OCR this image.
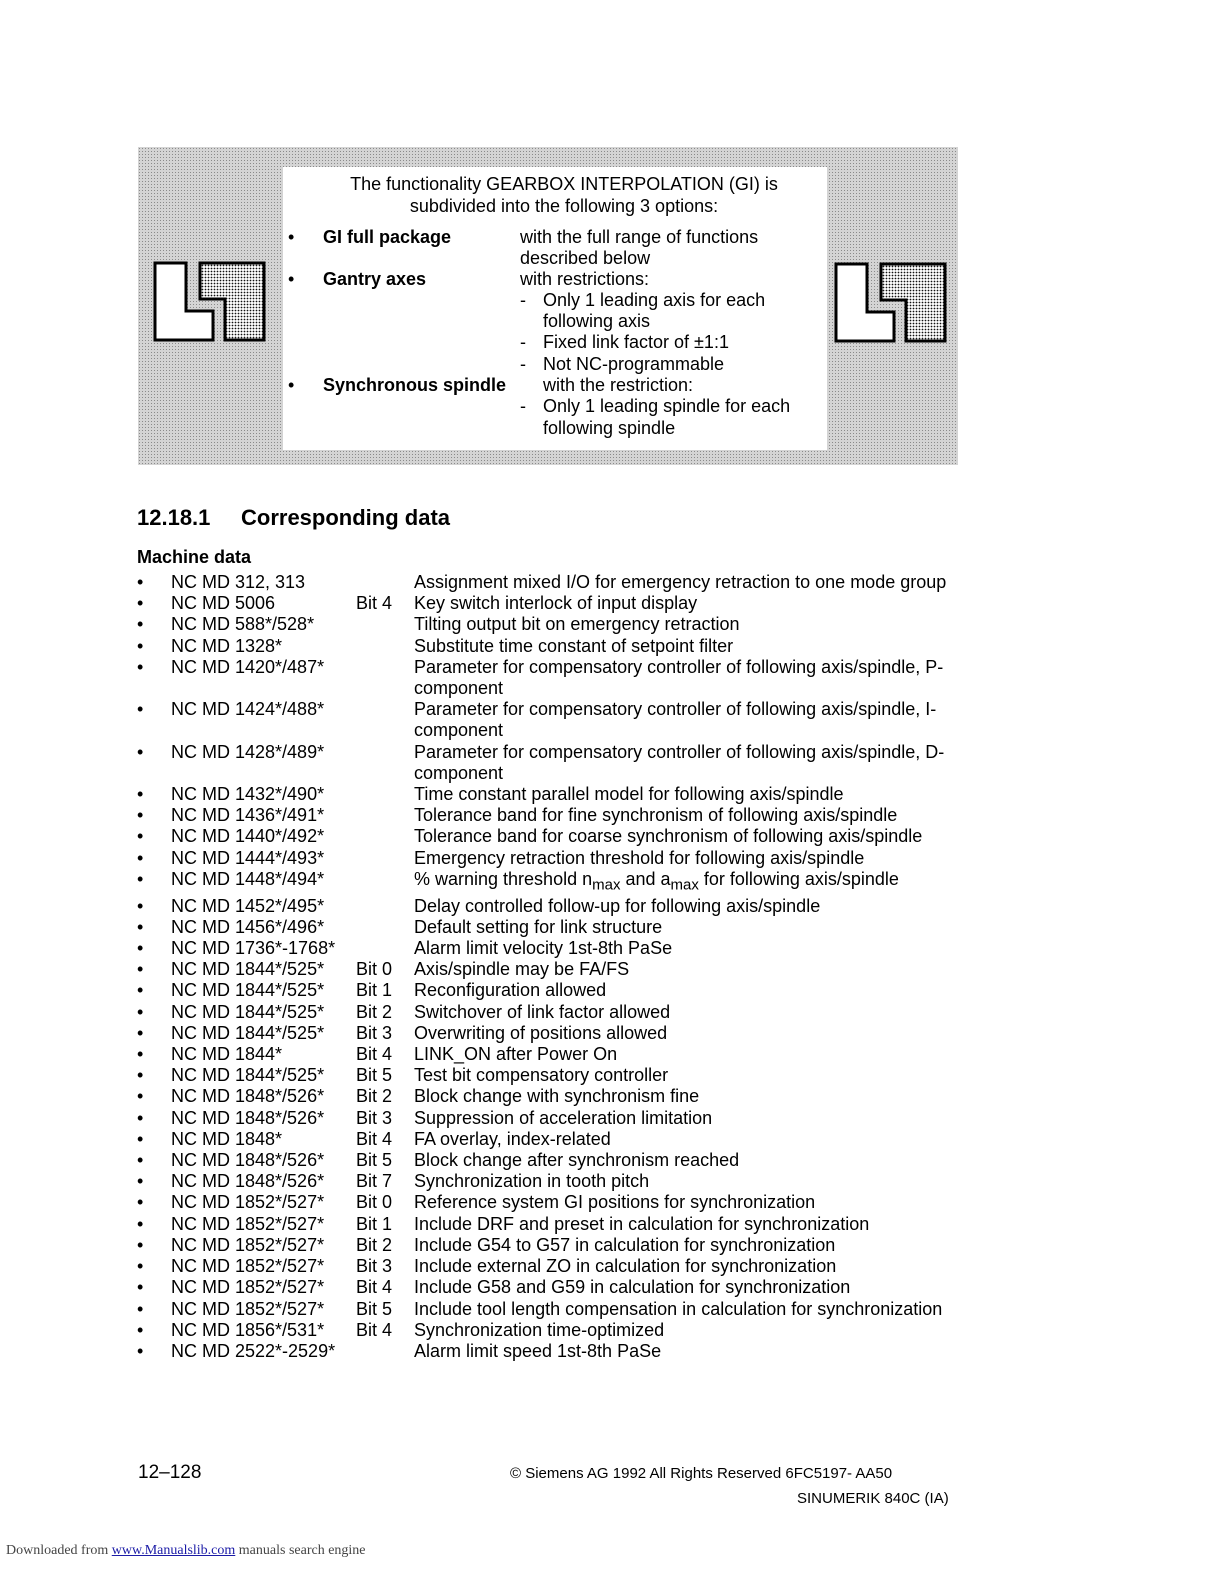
The functionality GEARBOX INTERPOLATION (GI) is
subdivided into the following 3 options:
• GI full package	with the full range of functions
described below
• Gantry axes	with restrictions:
- Only 1 leading axis for each
following axis
- Fixed link factor of ±1:1
- Not NC-programmable
• Synchronous spindle with the restriction:
- Only 1 leading spindle for each
following spindle
12.18.1 Corresponding data
Machine data
• NC MD 312, 313	Assignment mixed I/O for emergency retraction to one mode group
• NC MD 5006	Bit 4 Key switch interlock of input display
• NC MD 588*/528*	Tilting output bit on emergency retraction
• NC MD 1328*	Substitute time constant of setpoint filter
• NC MD 1420*/487*	Parameter for compensatory controller of following axis/spindle, P-component
• NC MD 1424*/488*	Parameter for compensatory controller of following axis/spindle, I-component
• NC MD 1428*/489*	Parameter for compensatory controller of following axis/spindle, D-component
• NC MD 1432*/490*	Time constant parallel model for following axis/spindle
• NC MD 1436*/491*	Tolerance band for fine synchronism of following axis/spindle
• NC MD 1440*/492*	Tolerance band for coarse synchronism of following axis/spindle
• NC MD 1444*/493*	Emergency retraction threshold for following axis/spindle
• NC MD 1448*/494*	% warning threshold $n_{max}$ and $a_{max}$ for following axis/spindle
• NC MD 1452*/495*	Delay controlled follow-up for following axis/spindle
• NC MD 1456*/496*	Default setting for link structure
• NC MD 1736*-1768*	Alarm limit velocity 1st-8th PaSe
• NC MD 1844*/525* Bit 0 Axis/spindle may be FA/FS
• NC MD 1844*/525* Bit 1 Reconfiguration allowed
• NC MD 1844*/525* Bit 2 Switchover of link factor allowed
• NC MD 1844*/525* Bit 3 Overwriting of positions allowed
• NC MD 1844*	Bit 4 LINK_ON after Power On
• NC MD 1844*/525* Bit 5 Test bit compensatory controller
• NC MD 1848*/526* Bit 2 Block change with synchronism fine
• NC MD 1848*/526* Bit 3 Suppression of acceleration limitation
• NC MD 1848*	Bit 4 FA overlay, index-related
• NC MD 1848*/526* Bit 5 Block change after synchronism reached
• NC MD 1848*/526* Bit 7 Synchronization in tooth pitch
• NC MD 1852*/527* Bit 0 Reference system GI positions for synchronization
• NC MD 1852*/527* Bit 1 Include DRF and preset in calculation for synchronization
• NC MD 1852*/527* Bit 2 Include G54 to G57 in calculation for synchronization
• NC MD 1852*/527* Bit 3 Include external ZO in calculation for synchronization
• NC MD 1852*/527* Bit 4 Include G58 and G59 in calculation for synchronization
• NC MD 1852*/527* Bit 5 Include tool length compensation in calculation for synchronization
• NC MD 1856*/531* Bit 4 Synchronization time-optimized
• NC MD 2522*-2529*	Alarm limit speed 1st-8th PaSe
12–128	© Siemens AG 1992 All Rights Reserved 6FC5197- AA50
SINUMERIK 840C (IA)
Downloaded from www.Manualslib.com manuals search engine
